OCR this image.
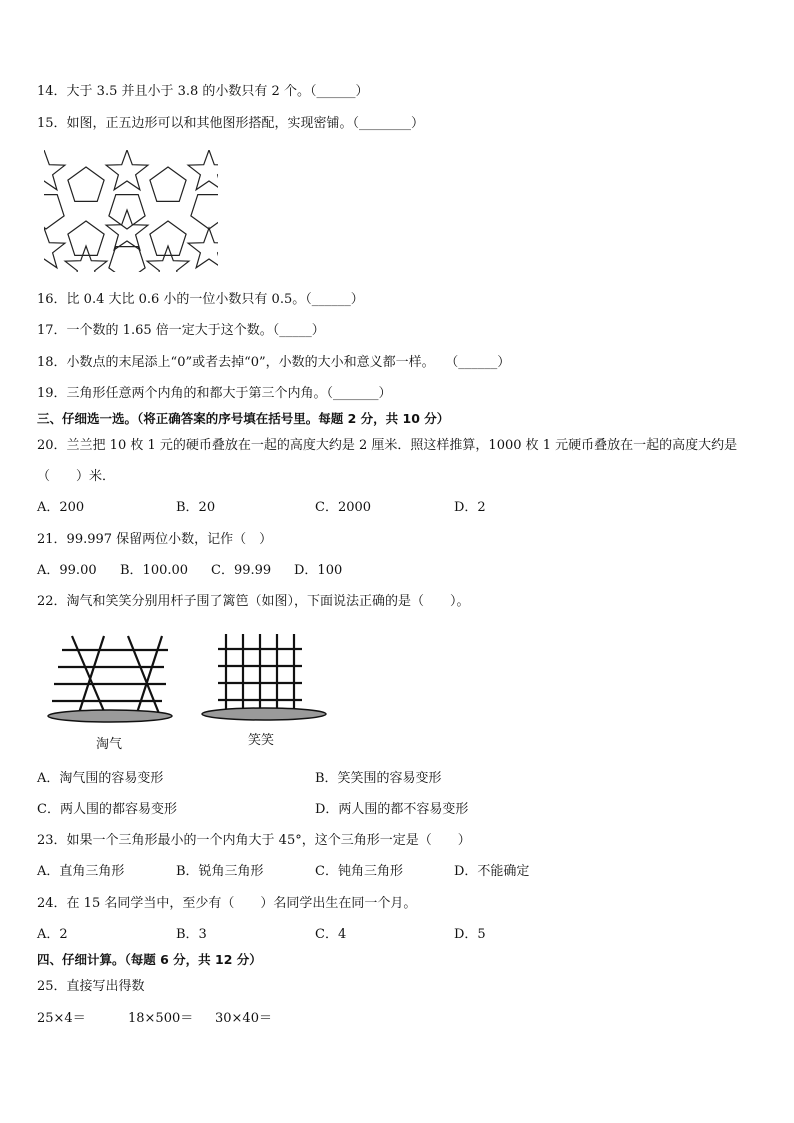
14．大于 3.5 并且小于 3.8 的小数只有 2 个。（______）
15．如图，正五边形可以和其他图形搭配，实现密铺。（________）
16．比 0.4 大比 0.6 小的一位小数只有 0.5。（______）
17．一个数的 1.65 倍一定大于这个数。（_____）
18．小数点的末尾添上“0”或者去掉“0”，小数的大小和意义都一样。　 （______）
19．三角形任意两个内角的和都大于第三个内角。（_______）
三、仔细选一选。（将正确答案的序号填在括号里。每题 2 分，共 10 分）
20．兰兰把 10 枚 1 元的硬币叠放在一起的高度大约是 2 厘米．照这样推算，1000 枚 1 元硬币叠放在一起的高度大约是
（　　）米．
A．200	B．20	C．2000	D．2
21．99.997 保留两位小数，记作（　）
A．99.00 B．100.00 C．99.99 D．100
22．淘气和笑笑分别用杆子围了篱笆（如图），下面说法正确的是（　　）。
淘气	笑笑
A．淘气围的容易变形	B．笑笑围的容易变形
C．两人围的都容易变形	D．两人围的都不容易变形
23．如果一个三角形最小的一个内角大于 45°，这个三角形一定是（　　）
A．直角三角形	B．锐角三角形	C．钝角三角形	D．不能确定
24．在 15 名同学当中，至少有（　　）名同学出生在同一个月。
A．2	B．3	C．4	D．5
四、仔细计算。（每题 6 分，共 12 分）
25．直接写出得数
25×4＝	18×500＝ 30×40＝
